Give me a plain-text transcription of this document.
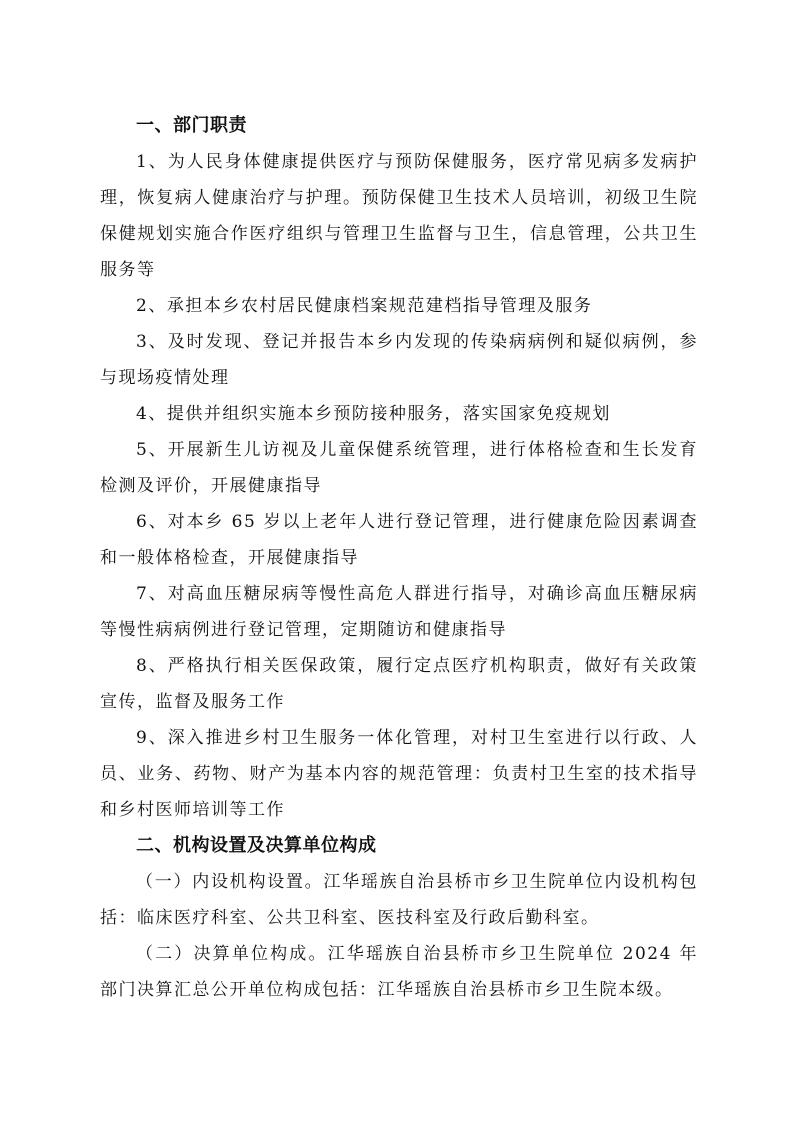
一、部门职责

1、为人民身体健康提供医疗与预防保健服务，医疗常见病多发病护理，恢复病人健康治疗与护理。预防保健卫生技术人员培训，初级卫生院保健规划实施合作医疗组织与管理卫生监督与卫生，信息管理，公共卫生服务等

2、承担本乡农村居民健康档案规范建档指导管理及服务

3、及时发现、登记并报告本乡内发现的传染病病例和疑似病例，参与现场疫情处理

4、提供并组织实施本乡预防接种服务，落实国家免疫规划

5、开展新生儿访视及儿童保健系统管理，进行体格检查和生长发育检测及评价，开展健康指导

6、对本乡 65 岁以上老年人进行登记管理，进行健康危险因素调查和一般体格检查，开展健康指导

7、对高血压糖尿病等慢性高危人群进行指导，对确诊高血压糖尿病等慢性病病例进行登记管理，定期随访和健康指导

8、严格执行相关医保政策，履行定点医疗机构职责，做好有关政策宣传，监督及服务工作

9、深入推进乡村卫生服务一体化管理，对村卫生室进行以行政、人员、业务、药物、财产为基本内容的规范管理：负责村卫生室的技术指导和乡村医师培训等工作

二、机构设置及决算单位构成

（一）内设机构设置。江华瑶族自治县桥市乡卫生院单位内设机构包括：临床医疗科室、公共卫科室、医技科室及行政后勤科室。

（二）决算单位构成。江华瑶族自治县桥市乡卫生院单位 2024 年部门决算汇总公开单位构成包括：江华瑶族自治县桥市乡卫生院本级。
